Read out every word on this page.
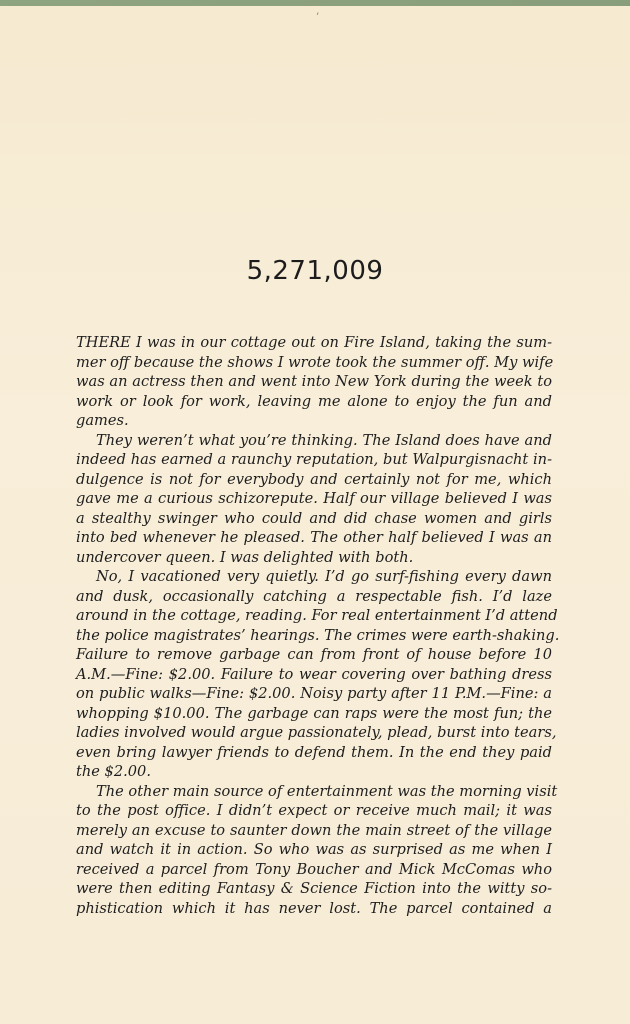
’

5,271,009

THERE I was in our cottage out on Fire Island, taking the sum-
mer off because the shows I wrote took the summer off. My wife
was an actress then and went into New York during the week to
work or look for work, leaving me alone to enjoy the fun and
games.

They weren’t what you’re thinking. The Island does have and
indeed has earned a raunchy reputation, but Walpurgisnacht in-
dulgence is not for everybody and certainly not for me, which
gave me a curious schizorepute. Half our village believed I was
a stealthy swinger who could and did chase women and girls
into bed whenever he pleased. The other half believed I was an
undercover queen. I was delighted with both.

No, I vacationed very quietly. I’d go surf-fishing every dawn
and dusk, occasionally catching a respectable fish. I’d laze
around in the cottage, reading. For real entertainment I’d attend
the police magistrates’ hearings. The crimes were earth-shaking.
Failure to remove garbage can from front of house before 10
A.M.—Fine: $2.00. Failure to wear covering over bathing dress
on public walks—Fine: $2.00. Noisy party after 11 P.M.—Fine: a
whopping $10.00. The garbage can raps were the most fun; the
ladies involved would argue passionately, plead, burst into tears,
even bring lawyer friends to defend them. In the end they paid
the $2.00.

The other main source of entertainment was the morning visit
to the post office. I didn’t expect or receive much mail; it was
merely an excuse to saunter down the main street of the village
and watch it in action. So who was as surprised as me when I
received a parcel from Tony Boucher and Mick McComas who
were then editing Fantasy & Science Fiction into the witty so-
phistication which it has never lost. The parcel contained a
